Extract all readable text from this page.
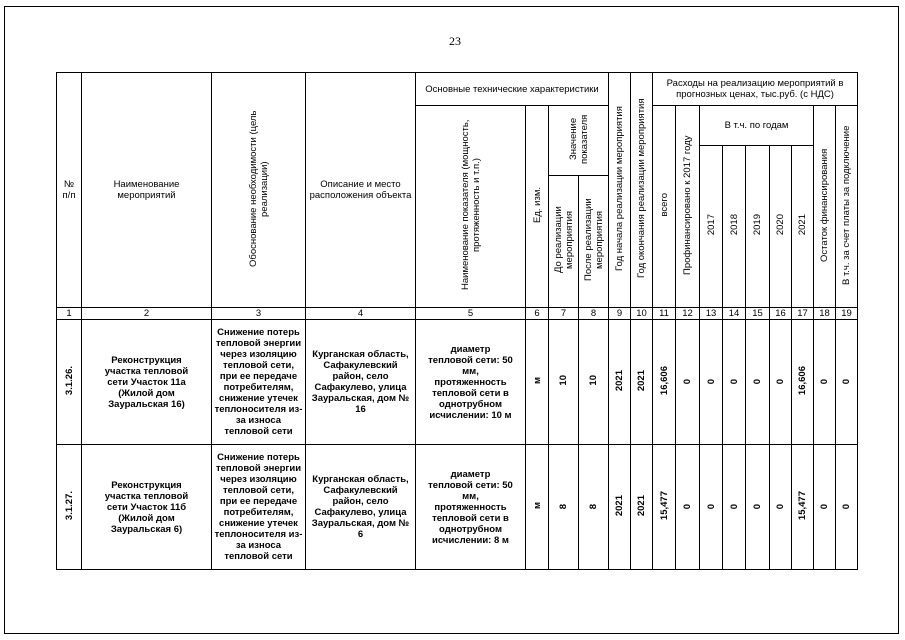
23
№ п/п	Наименование мероприятий	Обоснование необходимости (цель реализации)	Описание и место расположения объекта	Основные технические характеристики				Год начала реализации мероприятия	Год окончания реализации мероприятия	Расходы на реализацию мероприятий в прогнозных ценах, тыс.руб. (с НДС)								

				Наименование показателя (мощность, протяженность и т.п.)	Ед. изм.	Значение показателя				всего	Профинансировано к 2017 году	В т.ч. по годам					Остаток финансирования	В т.ч. за счет платы за подключение
												2017	2018	2019	2020	2021		
						До реализации мероприятия	После реализации мероприятия											
1	2	3	4	5	6	7	8	9	10	11	12	13	14	15	16	17	18	19
3.1.26.	Реконструкция участка тепловой сети Участок 11а (Жилой дом Зауральская 16)	Снижение потерь тепловой энергии через изоляцию тепловой сети, при ее передаче потребителям, снижение утечек теплоносителя из-за износа тепловой сети	Курганская область, Сафакулевский район, село Сафакулево, улица Зауральская, дом № 16	диаметр тепловой сети: 50 мм, протяженность тепловой сети в однотрубном исчислении: 10 м	м	10	10	2021	2021	16,606	0	0	0	0	0	16,606	0	0
3.1.27.	Реконструкция участка тепловой сети Участок 11б (Жилой дом Зауральская 6)	Снижение потерь тепловой энергии через изоляцию тепловой сети, при ее передаче потребителям, снижение утечек теплоносителя из-за износа тепловой сети	Курганская область, Сафакулевский район, село Сафакулево, улица Зауральская, дом № 6	диаметр тепловой сети: 50 мм, протяженность тепловой сети в однотрубном исчислении: 8 м	м	8	8	2021	2021	15,477	0	0	0	0	0	15,477	0	0
